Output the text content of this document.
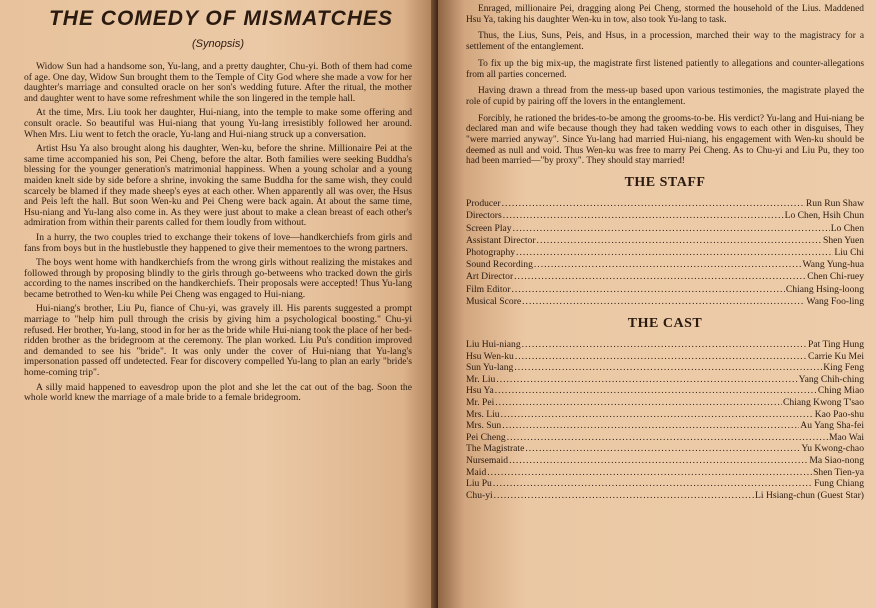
THE COMEDY OF MISMATCHES
(Synopsis)

Widow Sun had a handsome son, Yu-lang, and a pretty daughter, Chu-yi. Both of them had come of age. One day, Widow Sun brought them to the Temple of City God where she made a vow for her daughter's marriage and consulted oracle on her son's wedding future. After the ritual, the mother and daughter went to have some refreshment while the son lingered in the temple hall.

At the time, Mrs. Liu took her daughter, Hui-niang, into the temple to make some offering and consult oracle. So beautiful was Hui-niang that young Yu-lang irresistibly followed her around. When Mrs. Liu went to fetch the oracle, Yu-lang and Hui-niang struck up a conversation.

Artist Hsu Ya also brought along his daughter, Wen-ku, before the shrine. Millionaire Pei at the same time accompanied his son, Pei Cheng, before the altar. Both families were seeking Buddha's blessing for the younger generation's matrimonial happiness. When a young scholar and a young maiden knelt side by side before a shrine, invoking the same Buddha for the same wish, they could scarcely be blamed if they made sheep's eyes at each other. When apparently all was over, the Hsus and Peis left the hall. But soon Wen-ku and Pei Cheng were back again. At about the same time, Hsu-niang and Yu-lang also come in. As they were just about to make a clean breast of each other's admiration from within their parents called for them loudly from without.

In a hurry, the two couples tried to exchange their tokens of love—handkerchiefs from girls and fans from boys but in the hustlebustle they happened to give their mementoes to the wrong partners.

The boys went home with handkerchiefs from the wrong girls without realizing the mistakes and followed through by proposing blindly to the girls through go-betweens who tracked down the girls according to the names inscribed on the handkerchiefs. Their proposals were accepted! Thus Yu-lang became betrothed to Wen-ku while Pei Cheng was engaged to Hui-niang.

Hui-niang's brother, Liu Pu, fiance of Chu-yi, was gravely ill. His parents suggested a prompt marriage to "help him pull through the crisis by giving him a psychological boosting." Chu-yi refused. Her brother, Yu-lang, stood in for her as the bride while Hui-niang took the place of her bed-ridden brother as the bridegroom at the ceremony. The plan worked. Liu Pu's condition improved and demanded to see his "bride". It was only under the cover of Hui-niang that Yu-lang's impersonation passed off undetected. Fear for discovery compelled Yu-lang to plan an early "bride's home-coming trip".

A silly maid happened to eavesdrop upon the plot and she let the cat out of the bag. Soon the whole world knew the marriage of a male bride to a female bridegroom.

Enraged, millionaire Pei, dragging along Pei Cheng, stormed the household of the Lius. Maddened Hsu Ya, taking his daughter Wen-ku in tow, also took Yu-lang to task.

Thus, the Lius, Suns, Peis, and Hsus, in a procession, marched their way to the magistracy for a settlement of the entanglement.

To fix up the big mix-up, the magistrate first listened patiently to allegations and counter-allegations from all parties concerned.

Having drawn a thread from the mess-up based upon various testimonies, the magistrate played the role of cupid by pairing off the lovers in the entanglement.

Forcibly, he rationed the brides-to-be among the grooms-to-be. His verdict? Yu-lang and Hui-niang be declared man and wife because though they had taken wedding vows to each other in disguises, They "were married anyway". Since Yu-lang had married Hui-niang, his engagement with Wen-ku should be deemed as null and void. Thus Wen-ku was free to marry Pei Cheng. As to Chu-yi and Liu Pu, they too had been married—"by proxy". They should stay married!

THE STAFF
Producer .....	Run Run Shaw
Directors .....	Lo Chen, Hsih Chun
Screen Play .....	Lo Chen
Assistant Director .....	Shen Yuen
Photography .....	Liu Chi
Sound Recording .....	Wang Yung-hua
Art Director .....	Chen Chi-ruey
Film Editor .....	Chiang Hsing-loong
Musical Score .....	Wang Foo-ling
THE CAST
Liu Hui-niang .....	Pat Ting Hung
Hsu Wen-ku .....	Carrie Ku Mei
Sun Yu-lang .....	King Feng
Mr. Liu .....	Yang Chih-ching
Hsu Ya .....	Ching Miao
Mr. Pei .....	Chiang Kwong T'sao
Mrs. Liu .....	Kao Pao-shu
Mrs. Sun .....	Au Yang Sha-fei
Pei Cheng .....	Mao Wai
The Magistrate .....	Yu Kwong-chao
Nursemaid .....	Ma Siao-nong
Maid .....	Shen Tien-ya
Liu Pu .....	Fung Chiang
Chu-yi .....	Li Hsiang-chun (Guest Star)
